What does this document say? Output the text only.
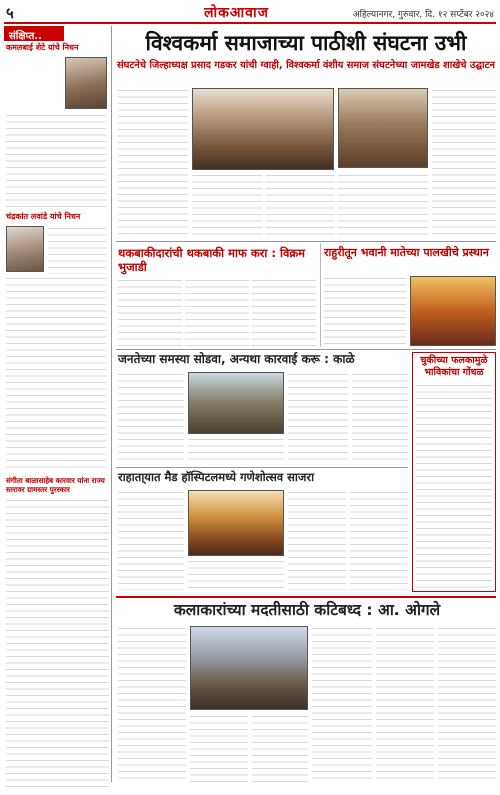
५	लोकआवाज	अहिल्यानगर, गुरुवार, दि. १२ सप्टेंबर २०२४
संक्षिप्त..
कमलबाई शेटे यांचे निधन
चंद्रकांत लवांडे यांचे निधन
संगीता बाळासाहेब कारवार यांना राज्य स्तरावर ग्रामस्तर पुरस्कार
विश्वकर्मा समाजाच्या पाठीशी संघटना उभी
संघटनेचे जिल्हाध्यक्ष प्रसाद गडकर यांची ग्वाही, विश्वकर्मा वंशीय समाज संघटनेच्या जामखेड शाखेचे उद्घाटन
थकबाकीदारांची थकबाकी माफ करा : विक्रम भुजाडी
राहुरीतून भवानी मातेच्या पालखीचे प्रस्थान
जनतेच्या समस्या सोडवा, अन्यथा कारवाई करू : काळे	चुकीच्या फलकामुळे भाविकांचा गोंधळ
राहाता्यात मैड हॉस्पिटलमध्ये गणेशोत्सव साजरा
कलाकारांच्या मदतीसाठी कटिबध्द : आ. ओगले
